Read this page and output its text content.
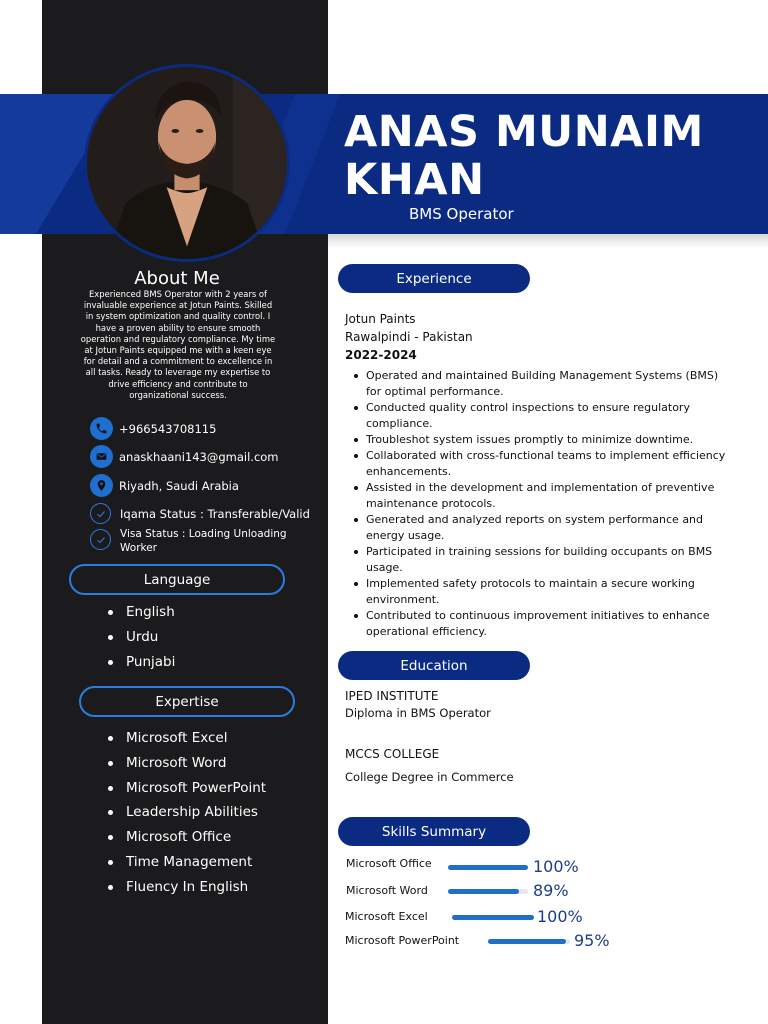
ANAS MUNAIM
KHAN
BMS Operator
About Me
Experienced BMS Operator with 2 years of invaluable experience at Jotun Paints. Skilled in system optimization and quality control. I have a proven ability to ensure smooth operation and regulatory compliance. My time at Jotun Paints equipped me with a keen eye for detail and a commitment to excellence in all tasks. Ready to leverage my expertise to drive efficiency and contribute to organizational success.
+966543708115
anaskhaani143@gmail.com
Riyadh, Saudi Arabia
Iqama Status : Transferable/Valid
Visa Status : Loading Unloading Worker
Language
English
Urdu
Punjabi
Expertise
Microsoft Excel
Microsoft Word
Microsoft PowerPoint
Leadership Abilities
Microsoft Office
Time Management
Fluency In English
Experience
Jotun Paints
Rawalpindi - Pakistan
2022-2024
Operated and maintained Building Management Systems (BMS) for optimal performance.
Conducted quality control inspections to ensure regulatory compliance.
Troubleshot system issues promptly to minimize downtime.
Collaborated with cross-functional teams to implement efficiency enhancements.
Assisted in the development and implementation of preventive maintenance protocols.
Generated and analyzed reports on system performance and energy usage.
Participated in training sessions for building occupants on BMS usage.
Implemented safety protocols to maintain a secure working environment.
Contributed to continuous improvement initiatives to enhance operational efficiency.
Education
IPED INSTITUTE
Diploma in BMS Operator
MCCS COLLEGE
College Degree in Commerce
Skills Summary
Microsoft Office	100%
Microsoft Word	89%
Microsoft Excel	100%
Microsoft PowerPoint	95%
